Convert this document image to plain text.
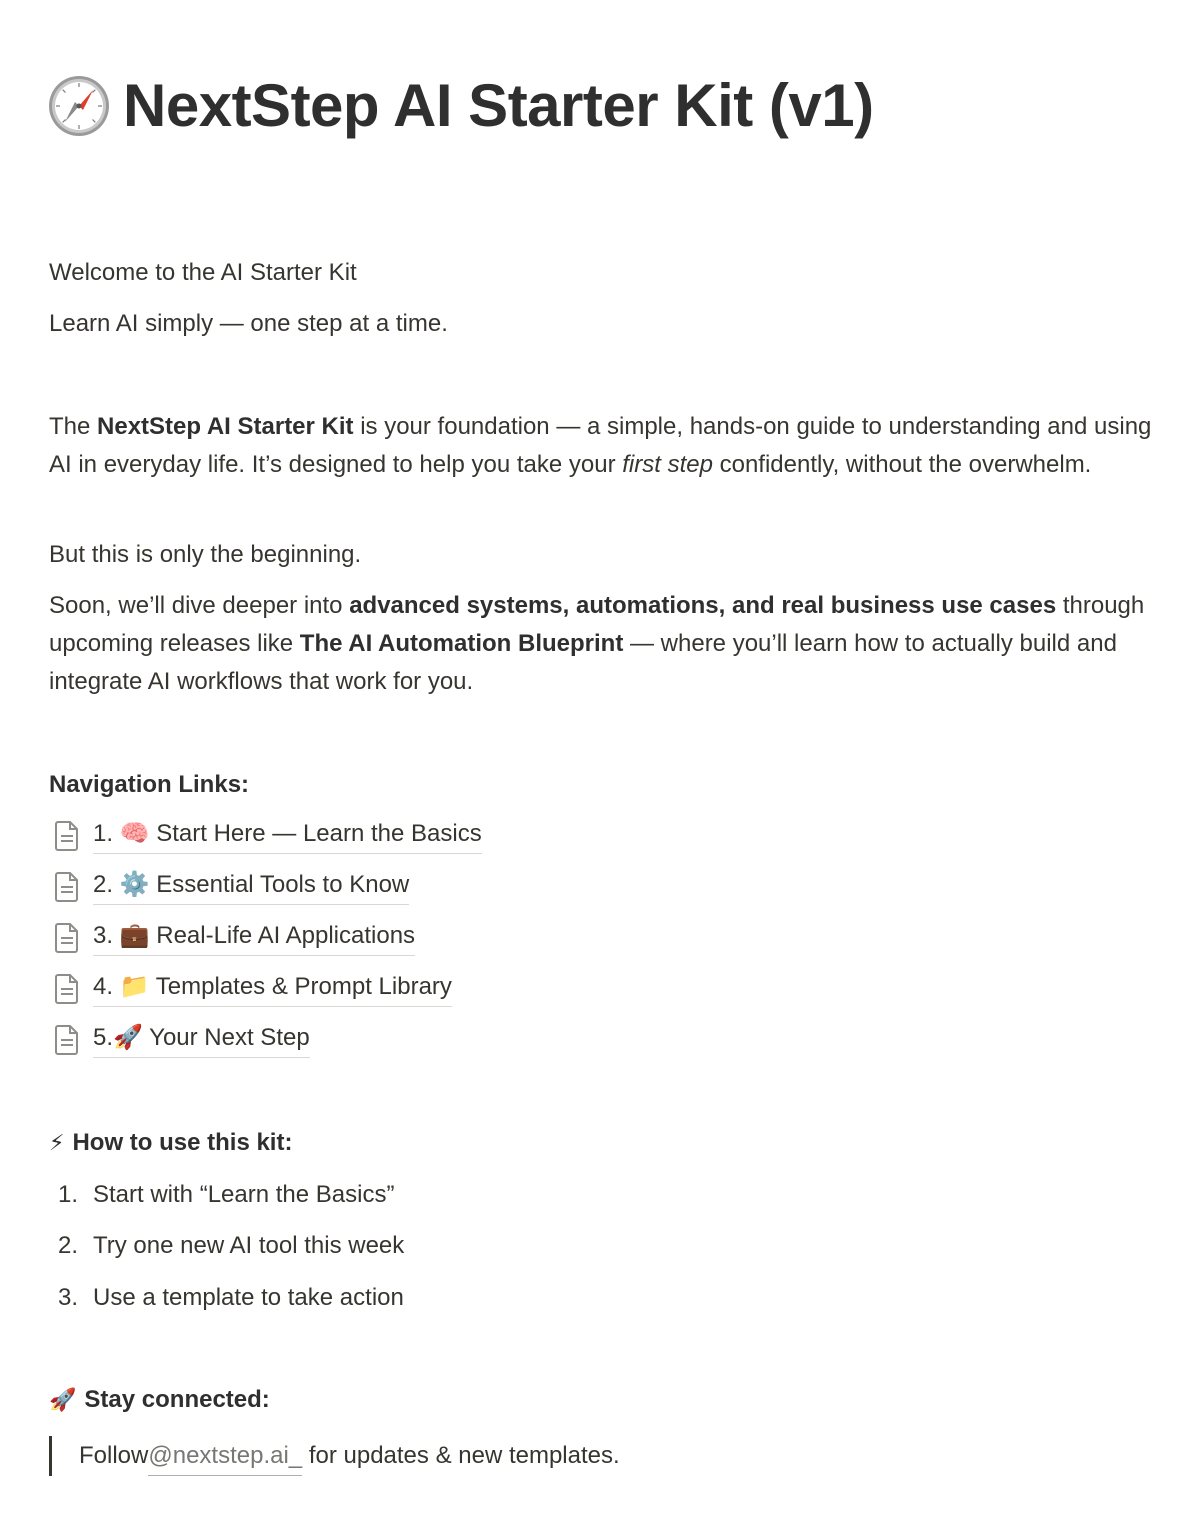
NextStep AI Starter Kit (v1)

Welcome to the AI Starter Kit

Learn AI simply — one step at a time.

The NextStep AI Starter Kit is your foundation — a simple, hands-on guide to understanding and using AI in everyday life. It’s designed to help you take your first step confidently, without the overwhelm.

But this is only the beginning.

Soon, we’ll dive deeper into advanced systems, automations, and real business use cases through upcoming releases like The AI Automation Blueprint — where you’ll learn how to actually build and integrate AI workflows that work for you.

Navigation Links:
1. 🧠 Start Here — Learn the Basics
2. ⚙️ Essential Tools to Know
3. 💼 Real-Life AI Applications
4. 📁 Templates & Prompt Library
5.🚀 Your Next Step
⚡ How to use this kit:
1. Start with “Learn the Basics”
2. Try one new AI tool this week
3. Use a template to take action
🚀 Stay connected:
Follow @nextstep.ai_ for updates & new templates.
